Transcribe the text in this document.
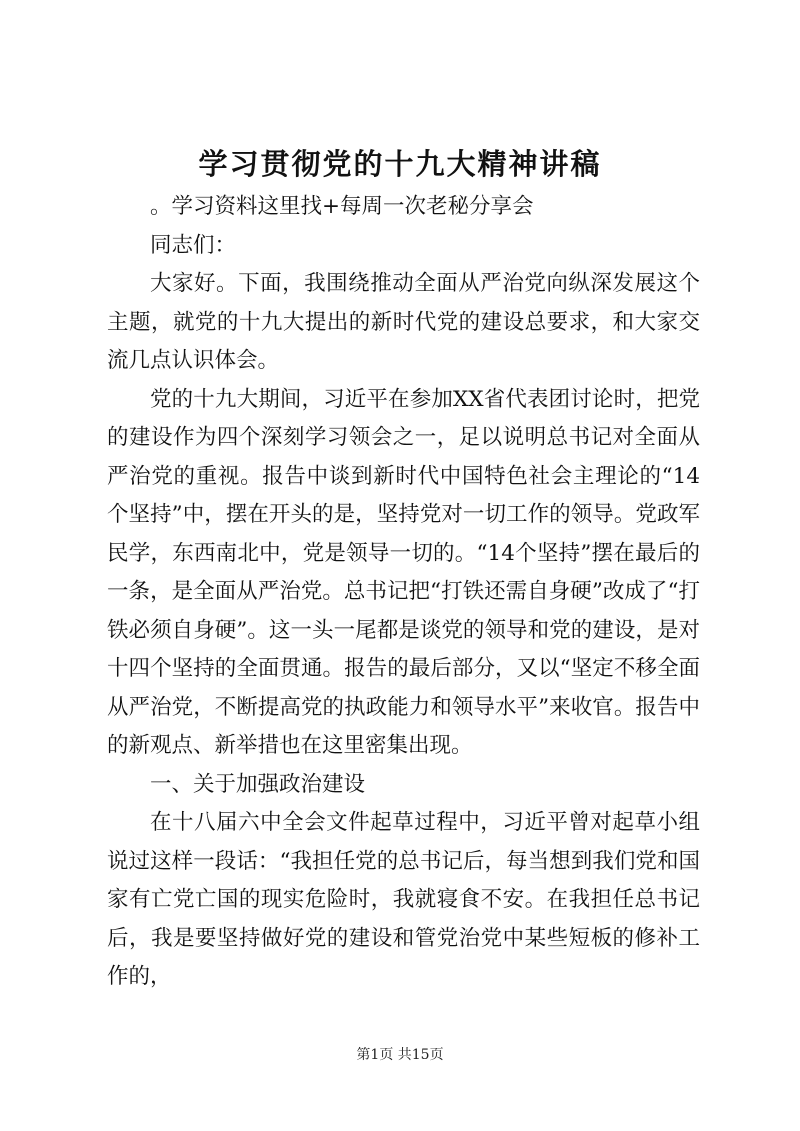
学习贯彻党的十九大精神讲稿

。学习资料这里找+每周一次老秘分享会

同志们：

大家好。下面，我围绕推动全面从严治党向纵深发展这个主题，就党的十九大提出的新时代党的建设总要求，和大家交流几点认识体会。

党的十九大期间，习近平在参加XX省代表团讨论时，把党的建设作为四个深刻学习领会之一，足以说明总书记对全面从严治党的重视。报告中谈到新时代中国特色社会主理论的“14个坚持”中，摆在开头的是，坚持党对一切工作的领导。党政军民学，东西南北中，党是领导一切的。“14个坚持”摆在最后的一条，是全面从严治党。总书记把“打铁还需自身硬”改成了“打铁必须自身硬”。这一头一尾都是谈党的领导和党的建设，是对十四个坚持的全面贯通。报告的最后部分，又以“坚定不移全面从严治党，不断提高党的执政能力和领导水平”来收官。报告中的新观点、新举措也在这里密集出现。

一、关于加强政治建设

在十八届六中全会文件起草过程中，习近平曾对起草小组说过这样一段话：“我担任党的总书记后，每当想到我们党和国家有亡党亡国的现实危险时，我就寝食不安。在我担任总书记后，我是要坚持做好党的建设和管党治党中某些短板的修补工作的，

第1页 共15页
